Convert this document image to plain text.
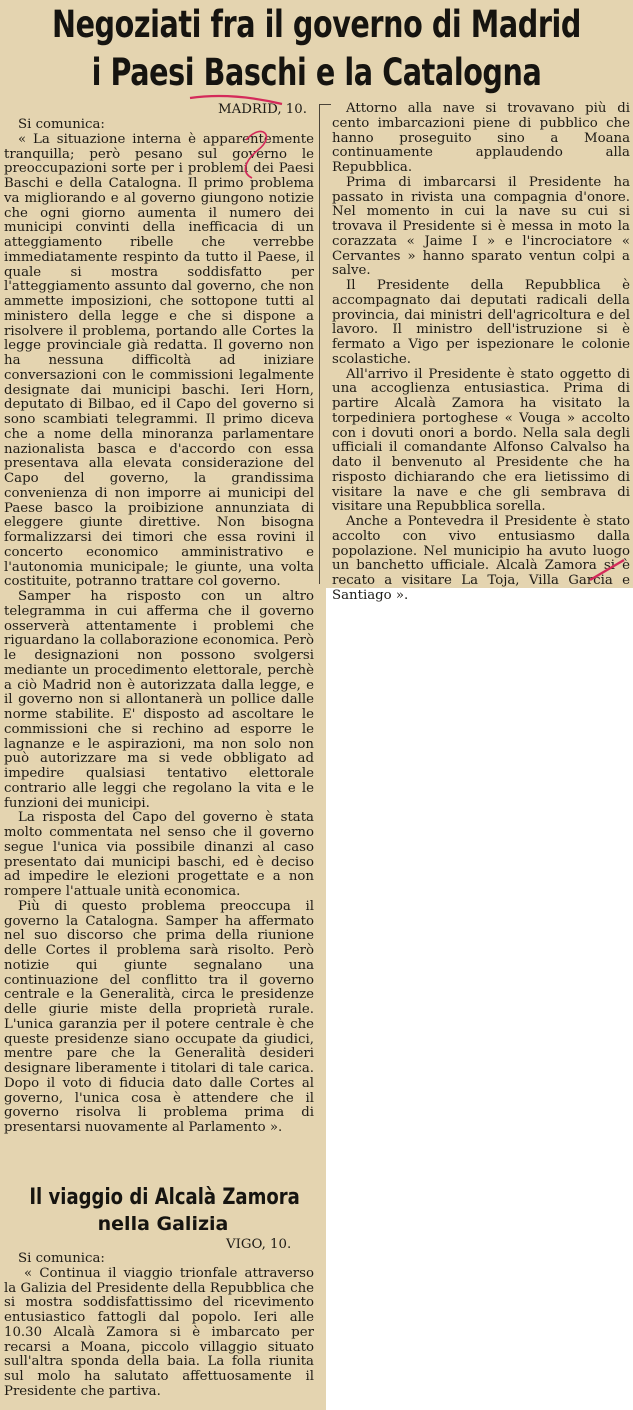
Negoziati fra il governo di Madrid
i Paesi Baschi e la Catalogna
MADRID, 10.

Si comunica:

« La situazione interna è apparentemente tranquilla; però pesano sul governo le preoccupazioni sorte per i problemi dei Paesi Baschi e della Catalogna. Il primo problema va migliorando e al governo giungono notizie che ogni giorno aumenta il numero dei municipi convinti della inefficacia di un atteggiamento ribelle che verrebbe immediatamente respinto da tutto il Paese, il quale si mostra soddisfatto per l'atteggiamento assunto dal governo, che non ammette imposizioni, che sottopone tutti al ministero della legge e che si dispone a risolvere il problema, portando alle Cortes la legge provinciale già redatta. Il governo non ha nessuna difficoltà ad iniziare conversazioni con le commissioni legalmente designate dai municipi baschi. Ieri Horn, deputato di Bilbao, ed il Capo del governo si sono scambiati telegrammi. Il primo diceva che a nome della minoranza parlamentare nazionalista basca e d'accordo con essa presentava alla elevata considerazione del Capo del governo, la grandissima convenienza di non imporre ai municipi del Paese basco la proibizione annunziata di eleggere giunte direttive. Non bisogna formalizzarsi dei timori che essa rovini il concerto economico amministrativo e l'autonomia municipale; le giunte, una volta costituite, potranno trattare col governo.

Samper ha risposto con un altro telegramma in cui afferma che il governo osserverà attentamente i problemi che riguardano la collaborazione economica. Però le designazioni non possono svolgersi mediante un procedimento elettorale, perchè a ciò Madrid non è autorizzata dalla legge, e il governo non si allontanerà un pollice dalle norme stabilite. E' disposto ad ascoltare le commissioni che si rechino ad esporre le lagnanze e le aspirazioni, ma non solo non può autorizzare ma si vede obbligato ad impedire qualsiasi tentativo elettorale contrario alle leggi che regolano la vita e le funzioni dei municipi.

La risposta del Capo del governo è stata molto commentata nel senso che il governo segue l'unica via possibile dinanzi al caso presentato dai municipi baschi, ed è deciso ad impedire le elezioni progettate e a non rompere l'attuale unità economica.

Più di questo problema preoccupa il governo la Catalogna. Samper ha affermato nel suo discorso che prima della riunione delle Cortes il problema sarà risolto. Però notizie qui giunte segnalano una continuazione del conflitto tra il governo centrale e la Generalità, circa le presidenze delle giurie miste della proprietà rurale. L'unica garanzia per il potere centrale è che queste presidenze siano occupate da giudici, mentre pare che la Generalità desideri designare liberamente i titolari di tale carica. Dopo il voto di fiducia dato dalle Cortes al governo, l'unica cosa è attendere che il governo risolva li problema prima di presentarsi nuovamente al Parlamento ».

Attorno alla nave si trovavano più di cento imbarcazioni piene di pubblico che hanno proseguito sino a Moana continuamente applaudendo alla Repubblica.

Prima di imbarcarsi il Presidente ha passato in rivista una compagnia d'onore. Nel momento in cui la nave su cui si trovava il Presidente si è messa in moto la corazzata « Jaime I » e l'incrociatore « Cervantes » hanno sparato ventun colpi a salve.

Il Presidente della Repubblica è accompagnato dai deputati radicali della provincia, dai ministri dell'agricoltura e del lavoro. Il ministro dell'istruzione si è fermato a Vigo per ispezionare le colonie scolastiche.

All'arrivo il Presidente è stato oggetto di una accoglienza entusiastica. Prima di partire Alcalà Zamora ha visitato la torpediniera portoghese « Vouga » accolto con i dovuti onori a bordo. Nella sala degli ufficiali il comandante Alfonso Calvalso ha dato il benvenuto al Presidente che ha risposto dichiarando che era lietissimo di visitare la nave e che gli sembrava di visitare una Repubblica sorella.

Anche a Pontevedra il Presidente è stato accolto con vivo entusiasmo dalla popolazione. Nel municipio ha avuto luogo un banchetto ufficiale. Alcalà Zamora si è recato a visitare La Toja, Villa Garcia e Santiago ».

Il viaggio di Alcalà Zamora
nella Galizia
VIGO, 10.

Si comunica:

« Continua il viaggio trionfale attraverso la Galizia del Presidente della Repubblica che si mostra soddisfattissimo del ricevimento entusiastico fattogli dal popolo. Ieri alle 10.30 Alcalà Zamora si è imbarcato per recarsi a Moana, piccolo villaggio situato sull'altra sponda della baia. La folla riunita sul molo ha salutato affettuosamente il Presidente che partiva.
